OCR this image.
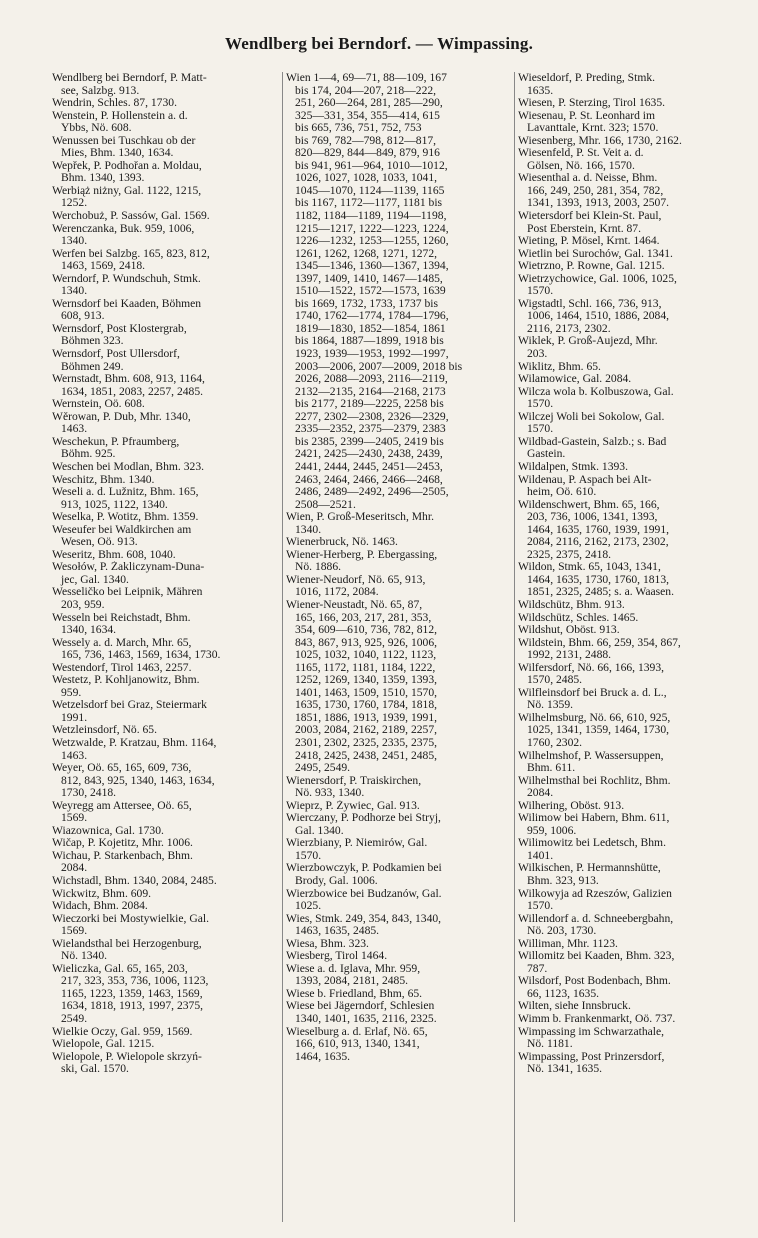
Wendlberg bei Berndorf. — Wimpassing.
Wendlberg bei Berndorf, P. Matt-
see, Salzbg. 913.
Wendrin, Schles. 87, 1730.
Wenstein, P. Hollenstein a. d.
Ybbs, Nö. 608.
Wenussen bei Tuschkau ob der
Mies, Bhm. 1340, 1634.
Wepřek, P. Podhořan a. Moldau,
Bhm. 1340, 1393.
Werbiąż niżny, Gal. 1122, 1215,
1252.
Werchobuż, P. Sassów, Gal. 1569.
Werenczanka, Buk. 959, 1006,
1340.
Werfen bei Salzbg. 165, 823, 812,
1463, 1569, 2418.
Werndorf, P. Wundschuh, Stmk.
1340.
Wernsdorf bei Kaaden, Böhmen
608, 913.
Wernsdorf, Post Klostergrab,
Böhmen 323.
Wernsdorf, Post Ullersdorf,
Böhmen 249.
Wernstadt, Bhm. 608, 913, 1164,
1634, 1851, 2083, 2257, 2485.
Wernstein, Oö. 608.
Wěrowan, P. Dub, Mhr. 1340,
1463.
Weschekun, P. Pfraumberg,
Böhm. 925.
Weschen bei Modlan, Bhm. 323.
Weschitz, Bhm. 1340.
Weseli a. d. Lužnitz, Bhm. 165,
913, 1025, 1122, 1340.
Weselka, P. Wotitz, Bhm. 1359.
Weseufer bei Waldkirchen am
Wesen, Oö. 913.
Weseritz, Bhm. 608, 1040.
Wesołów, P. Żakliczynam-Duna-
jec, Gal. 1340.
Wesseličko bei Leipnik, Mähren
203, 959.
Wesseln bei Reichstadt, Bhm.
1340, 1634.
Wessely a. d. March, Mhr. 65,
165, 736, 1463, 1569, 1634, 1730.
Westendorf, Tirol 1463, 2257.
Westetz, P. Kohljanowitz, Bhm.
959.
Wetzelsdorf bei Graz, Steiermark
1991.
Wetzleinsdorf, Nö. 65.
Wetzwalde, P. Kratzau, Bhm. 1164,
1463.
Weyer, Oö. 65, 165, 609, 736,
812, 843, 925, 1340, 1463, 1634,
1730, 2418.
Weyregg am Attersee, Oö. 65,
1569.
Wiazownica, Gal. 1730.
Wičap, P. Kojetitz, Mhr. 1006.
Wichau, P. Starkenbach, Bhm.
2084.
Wichstadl, Bhm. 1340, 2084, 2485.
Wickwitz, Bhm. 609.
Widach, Bhm. 2084.
Wieczorki bei Mostywielkie, Gal.
1569.
Wielandsthal bei Herzogenburg,
Nö. 1340.
Wieliczka, Gal. 65, 165, 203,
217, 323, 353, 736, 1006, 1123,
1165, 1223, 1359, 1463, 1569,
1634, 1818, 1913, 1997, 2375,
2549.
Wielkie Oczy, Gal. 959, 1569.
Wielopole, Gal. 1215.
Wielopole, P. Wielopole skrzyń-
ski, Gal. 1570.
Wien 1—4, 69—71, 88—109, 167
bis 174, 204—207, 218—222,
251, 260—264, 281, 285—290,
325—331, 354, 355—414, 615
bis 665, 736, 751, 752, 753
bis 769, 782—798, 812—817,
820—829, 844—849, 879, 916
bis 941, 961—964, 1010—1012,
1026, 1027, 1028, 1033, 1041,
1045—1070, 1124—1139, 1165
bis 1167, 1172—1177, 1181 bis
1182, 1184—1189, 1194—1198,
1215—1217, 1222—1223, 1224,
1226—1232, 1253—1255, 1260,
1261, 1262, 1268, 1271, 1272,
1345—1346, 1360—1367, 1394,
1397, 1409, 1410, 1467—1485,
1510—1522, 1572—1573, 1639
bis 1669, 1732, 1733, 1737 bis
1740, 1762—1774, 1784—1796,
1819—1830, 1852—1854, 1861
bis 1864, 1887—1899, 1918 bis
1923, 1939—1953, 1992—1997,
2003—2006, 2007—2009, 2018 bis
2026, 2088—2093, 2116—2119,
2132—2135, 2164—2168, 2173
bis 2177, 2189—2225, 2258 bis
2277, 2302—2308, 2326—2329,
2335—2352, 2375—2379, 2383
bis 2385, 2399—2405, 2419 bis
2421, 2425—2430, 2438, 2439,
2441, 2444, 2445, 2451—2453,
2463, 2464, 2466, 2466—2468,
2486, 2489—2492, 2496—2505,
2508—2521.
Wien, P. Groß-Meseritsch, Mhr.
1340.
Wienerbruck, Nö. 1463.
Wiener-Herberg, P. Ebergassing,
Nö. 1886.
Wiener-Neudorf, Nö. 65, 913,
1016, 1172, 2084.
Wiener-Neustadt, Nö. 65, 87,
165, 166, 203, 217, 281, 353,
354, 609—610, 736, 782, 812,
843, 867, 913, 925, 926, 1006,
1025, 1032, 1040, 1122, 1123,
1165, 1172, 1181, 1184, 1222,
1252, 1269, 1340, 1359, 1393,
1401, 1463, 1509, 1510, 1570,
1635, 1730, 1760, 1784, 1818,
1851, 1886, 1913, 1939, 1991,
2003, 2084, 2162, 2189, 2257,
2301, 2302, 2325, 2335, 2375,
2418, 2425, 2438, 2451, 2485,
2495, 2549.
Wienersdorf, P. Traiskirchen,
Nö. 933, 1340.
Wieprz, P. Żywiec, Gal. 913.
Wierczany, P. Podhorze bei Stryj,
Gal. 1340.
Wierzbiany, P. Niemirów, Gal.
1570.
Wierzbowczyk, P. Podkamien bei
Brody, Gal. 1006.
Wierzbowice bei Budzanów, Gal.
1025.
Wies, Stmk. 249, 354, 843, 1340,
1463, 1635, 2485.
Wiesa, Bhm. 323.
Wiesberg, Tirol 1464.
Wiese a. d. Iglava, Mhr. 959,
1393, 2084, 2181, 2485.
Wiese b. Friedland, Bhm, 65.
Wiese bei Jägerndorf, Schlesien
1340, 1401, 1635, 2116, 2325.
Wieselburg a. d. Erlaf, Nö. 65,
166, 610, 913, 1340, 1341,
1464, 1635.
Wieseldorf, P. Preding, Stmk.
1635.
Wiesen, P. Sterzing, Tirol 1635.
Wiesenau, P. St. Leonhard im
Lavanttale, Krnt. 323; 1570.
Wiesenberg, Mhr. 166, 1730, 2162.
Wiesenfeld, P. St. Veit a. d.
Gölsen, Nö. 166, 1570.
Wiesenthal a. d. Neisse, Bhm.
166, 249, 250, 281, 354, 782,
1341, 1393, 1913, 2003, 2507.
Wietersdorf bei Klein-St. Paul,
Post Eberstein, Krnt. 87.
Wieting, P. Mösel, Krnt. 1464.
Wietlin bei Surochów, Gal. 1341.
Wietrzno, P. Rowne, Gal. 1215.
Wietrzychowice, Gal. 1006, 1025,
1570.
Wigstadtl, Schl. 166, 736, 913,
1006, 1464, 1510, 1886, 2084,
2116, 2173, 2302.
Wiklek, P. Groß-Aujezd, Mhr.
203.
Wiklitz, Bhm. 65.
Wilamowice, Gal. 2084.
Wilcza wola b. Kolbuszowa, Gal.
1570.
Wilczej Woli bei Sokolow, Gal.
1570.
Wildbad-Gastein, Salzb.; s. Bad
Gastein.
Wildalpen, Stmk. 1393.
Wildenau, P. Aspach bei Alt-
heim, Oö. 610.
Wildenschwert, Bhm. 65, 166,
203, 736, 1006, 1341, 1393,
1464, 1635, 1760, 1939, 1991,
2084, 2116, 2162, 2173, 2302,
2325, 2375, 2418.
Wildon, Stmk. 65, 1043, 1341,
1464, 1635, 1730, 1760, 1813,
1851, 2325, 2485; s. a. Waasen.
Wildschütz, Bhm. 913.
Wildschütz, Schles. 1465.
Wildshut, Oböst. 913.
Wildstein, Bhm. 66, 259, 354, 867,
1992, 2131, 2488.
Wilfersdorf, Nö. 66, 166, 1393,
1570, 2485.
Wilfleinsdorf bei Bruck a. d. L.,
Nö. 1359.
Wilhelmsburg, Nö. 66, 610, 925,
1025, 1341, 1359, 1464, 1730,
1760, 2302.
Wilhelmshof, P. Wassersuppen,
Bhm. 611.
Wilhelmsthal bei Rochlitz, Bhm.
2084.
Wilhering, Oböst. 913.
Wilimow bei Habern, Bhm. 611,
959, 1006.
Wilimowitz bei Ledetsch, Bhm.
1401.
Wilkischen, P. Hermannshütte,
Bhm. 323, 913.
Wilkowyja ad Rzeszów, Galizien
1570.
Willendorf a. d. Schneebergbahn,
Nö. 203, 1730.
Williman, Mhr. 1123.
Willomitz bei Kaaden, Bhm. 323,
787.
Wilsdorf, Post Bodenbach, Bhm.
66, 1123, 1635.
Wilten, siehe Innsbruck.
Wimm b. Frankenmarkt, Oö. 737.
Wimpassing im Schwarzathale,
Nö. 1181.
Wimpassing, Post Prinzersdorf,
Nö. 1341, 1635.
